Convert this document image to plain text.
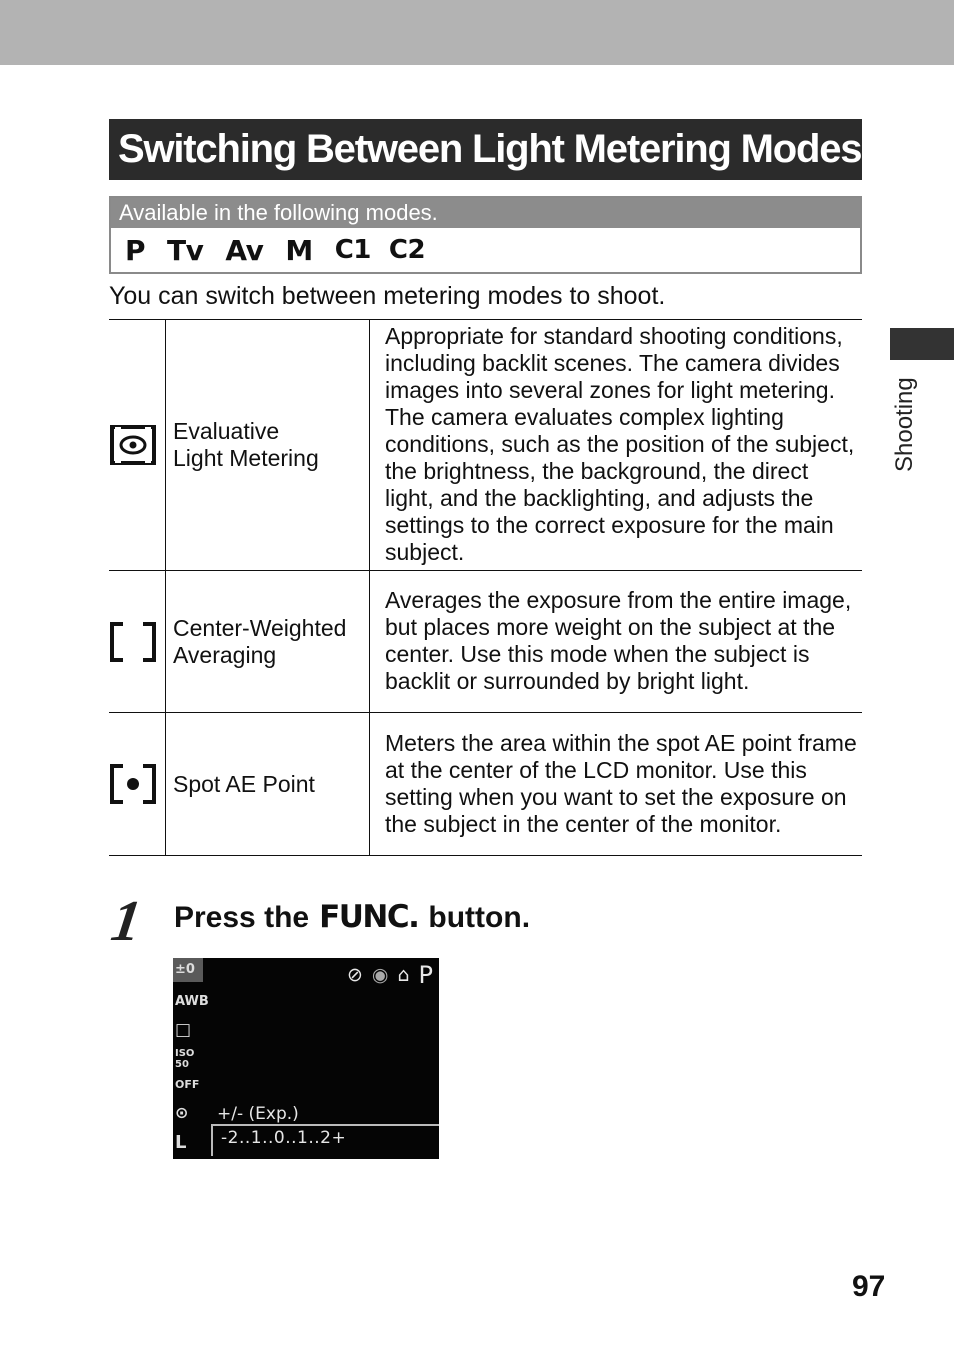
Switching Between Light Metering Modes
Available in the following modes.
P Tv Av M C1 C2
You can switch between metering modes to shoot.

Evaluative
Light Metering	Appropriate for standard shooting conditions, including backlit scenes. The camera divides images into several zones for light metering. The camera evaluates complex lighting conditions, such as the position of the subject, the brightness, the background, the direct light, and the backlighting, and adjusts the settings to the correct exposure for the main subject.

Center-Weighted
Averaging	Averages the exposure from the entire image, but places more weight on the subject at the center. Use this mode when the subject is backlit or surrounded by bright light.

Spot AE Point	Meters the area within the spot AE point frame at the center of the LCD monitor. Use this setting when you want to set the exposure on the subject in the center of the monitor.
1 Press the FUNC. button.
±0
AWB
□
ISO 50
OFF
⊙
L
⊘ ◉ ⌂ P
+/- (Exp.)
-2..1..0..1..2+
Shooting
97
